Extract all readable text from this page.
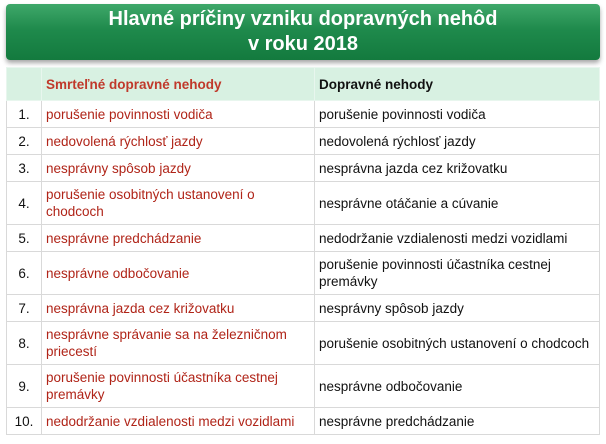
Hlavné príčiny vzniku dopravných nehôd
v roku 2018
	Smrteľné dopravné nehody	Dopravné nehody
1.	porušenie povinnosti vodiča	porušenie povinnosti vodiča
2.	nedovolená rýchlosť jazdy	nedovolená rýchlosť jazdy
3.	nesprávny spôsob jazdy	nesprávna jazda cez križovatku
4.	porušenie osobitných ustanovení o chodcoch	nesprávne otáčanie a cúvanie
5.	nesprávne predchádzanie	nedodržanie vzdialenosti medzi vozidlami
6.	nesprávne odbočovanie	porušenie povinnosti účastníka cestnej premávky
7.	nesprávna jazda cez križovatku	nesprávny spôsob jazdy
8.	nesprávne správanie sa na železničnom priecestí	porušenie osobitných ustanovení o chodcoch
9.	porušenie povinnosti účastníka cestnej premávky	nesprávne odbočovanie
10.	nedodržanie vzdialenosti medzi vozidlami	nesprávne predchádzanie
